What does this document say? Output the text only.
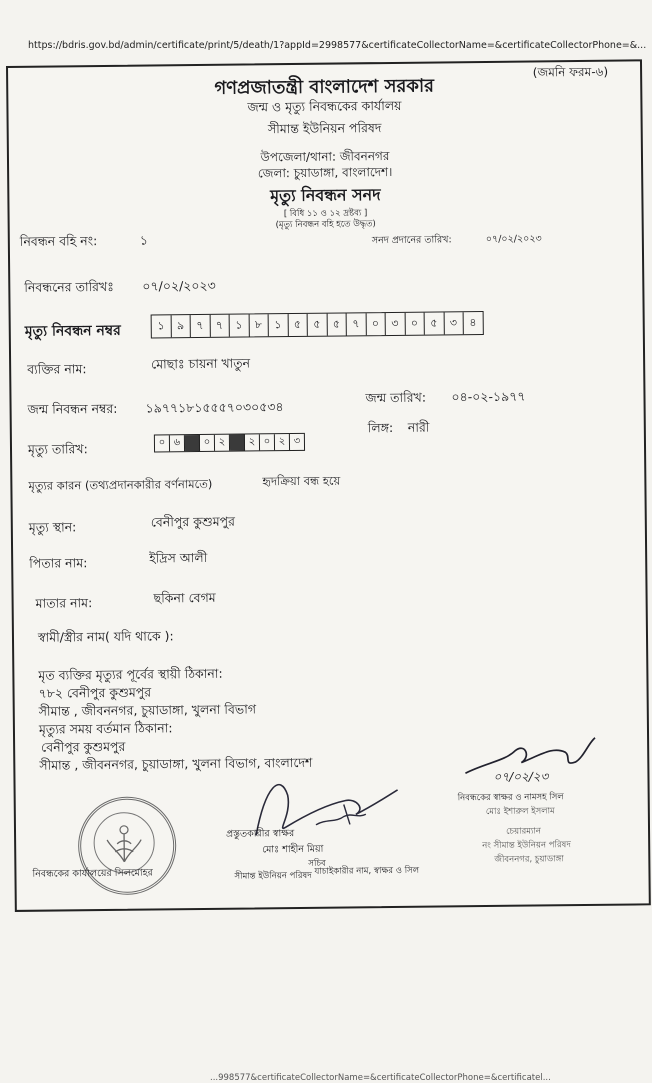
https://bdris.gov.bd/admin/certificate/print/5/death/1?appId=2998577&certificateCollectorName=&certificateCollectorPhone=&...
(জমনি ফরম-৬)
গণপ্রজাতন্ত্রী বাংলাদেশ সরকার
জন্ম ও মৃত্যু নিবন্ধকের কার্যালয়
সীমান্ত ইউনিয়ন পরিষদ
উপজেলা/থানা: জীবননগর
জেলা: চুয়াডাঙ্গা, বাংলাদেশ।
মৃত্যু নিবন্ধন সনদ
[ বিধি ১১ ও ১২ দ্রষ্টব্য ]
(মৃত্যু নিবন্ধন বহি হতে উদ্ধৃত)
নিবন্ধন বহি নং:	১	সনদ প্রদানের তারিখ:	০৭/০২/২০২৩
নিবন্ধনের তারিখঃ ০৭/০২/২০২৩
মৃত্যু নিবন্ধন নম্বর	১	৯	৭	৭	১	৮	১	৫	৫	৫	৭	০	৩	০	৫	৩	৪
ব্যক্তির নাম:	মোছাঃ চায়না খাতুন
জন্ম নিবন্ধন নম্বর: ১৯৭৭১৮১৫৫৫৭০৩০৫৩৪
জন্ম তারিখ: ০৪-০২-১৯৭৭
লিঙ্গ: নারী
মৃত্যু তারিখ:	০ ৬	০ ২	২ ০ ২ ৩
মৃত্যুর কারন (তথ্যপ্রদানকারীর বর্ণনামতে)	হৃদক্রিয়া বন্ধ হয়ে
মৃত্যু স্থান:	বেনীপুর কুশুমপুর
পিতার নাম:	ইদ্রিস আলী
মাতার নাম:	ছকিনা বেগম
স্বামী/স্ত্রীর নাম( যদি থাকে ):
মৃত ব্যক্তির মৃত্যুর পূর্বের স্থায়ী ঠিকানা:
৭৮২ বেনীপুর কুশুমপুর
সীমান্ত , জীবননগর, চুয়াডাঙ্গা, খুলনা বিভাগ
মৃত্যুর সময় বর্তমান ঠিকানা:
বেনীপুর কুশুমপুর
সীমান্ত , জীবননগর, চুয়াডাঙ্গা, খুলনা বিভাগ, বাংলাদেশ
নিবন্ধকের কার্যালয়ের সিলমোহর
প্রস্তুতকারীর স্বাক্ষর
মোঃ শাহীন মিয়া
সচিব
সীমান্ত ইউনিয়ন পরিষদ যাচাইকারীর নাম, স্বাক্ষর ও সিল
০৭/০২/২৩
নিবন্ধকের স্বাক্ষর ও নামসহ সিল
মোঃ ইশারুল ইসলাম
চেয়ারম্যান
নং সীমান্ত ইউনিয়ন পরিষদ
জীবননগর, চুয়াডাঙ্গা
...998577&certificateCollectorName=&certificateCollectorPhone=&certificatel...
